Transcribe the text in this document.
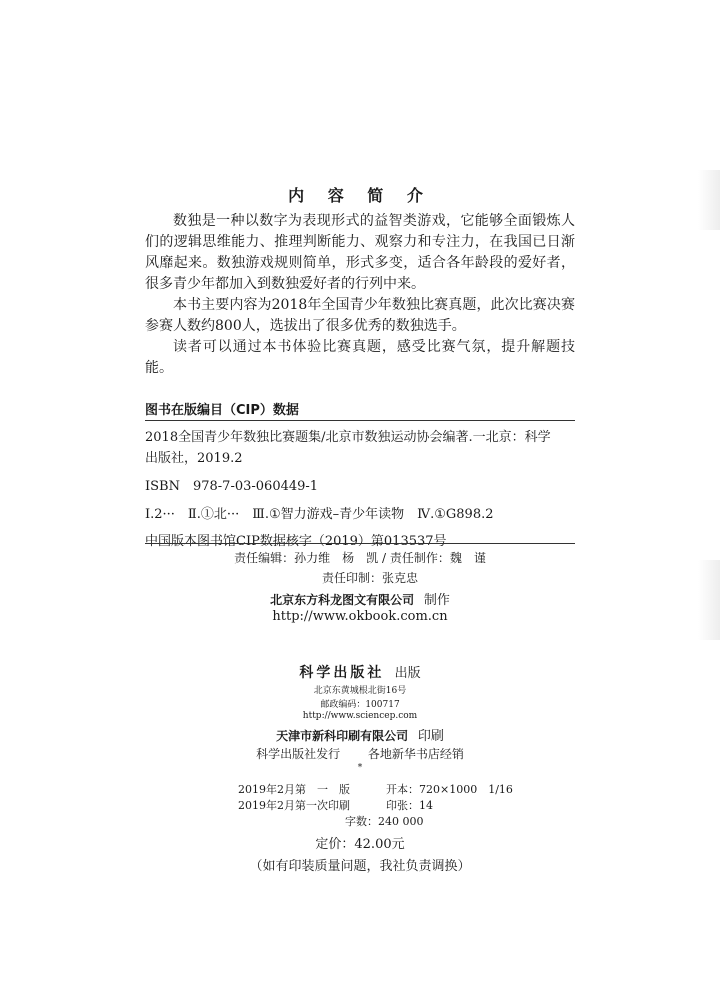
内 容 简 介

数独是一种以数字为表现形式的益智类游戏，它能够全面锻炼人们的逻辑思维能力、推理判断能力、观察力和专注力，在我国已日渐风靡起来。数独游戏规则简单，形式多变，适合各年龄段的爱好者，很多青少年都加入到数独爱好者的行列中来。

本书主要内容为2018年全国青少年数独比赛真题，此次比赛决赛参赛人数约800人，选拔出了很多优秀的数独选手。

读者可以通过本书体验比赛真题，感受比赛气氛，提升解题技能。

图书在版编目（CIP）数据
2018全国青少年数独比赛题集/北京市数独运动协会编著.一北京：科学
出版社，2019.2
ISBN　978-7-03-060449-1
Ⅰ.2···　Ⅱ.①北···　Ⅲ.①智力游戏–青少年读物　Ⅳ.①G898.2
中国版本图书馆CIP数据核字（2019）第013537号
责任编辑：孙力维　杨　凯 / 责任制作：魏　谨
责任印制：张克忠
北京东方科龙图文有限公司 制作
http://www.okbook.com.cn
科学出版社 出版
北京东黄城根北街16号
邮政编码：100717
http://www.sciencep.com
天津市新科印刷有限公司 印刷
科学出版社发行 各地新华书店经销
*
2019年2月第　一　版	开本：720×1000　1/16
2019年2月第一次印刷	印张：14
字数：240 000
定价：42.00元
（如有印装质量问题，我社负责调换）
